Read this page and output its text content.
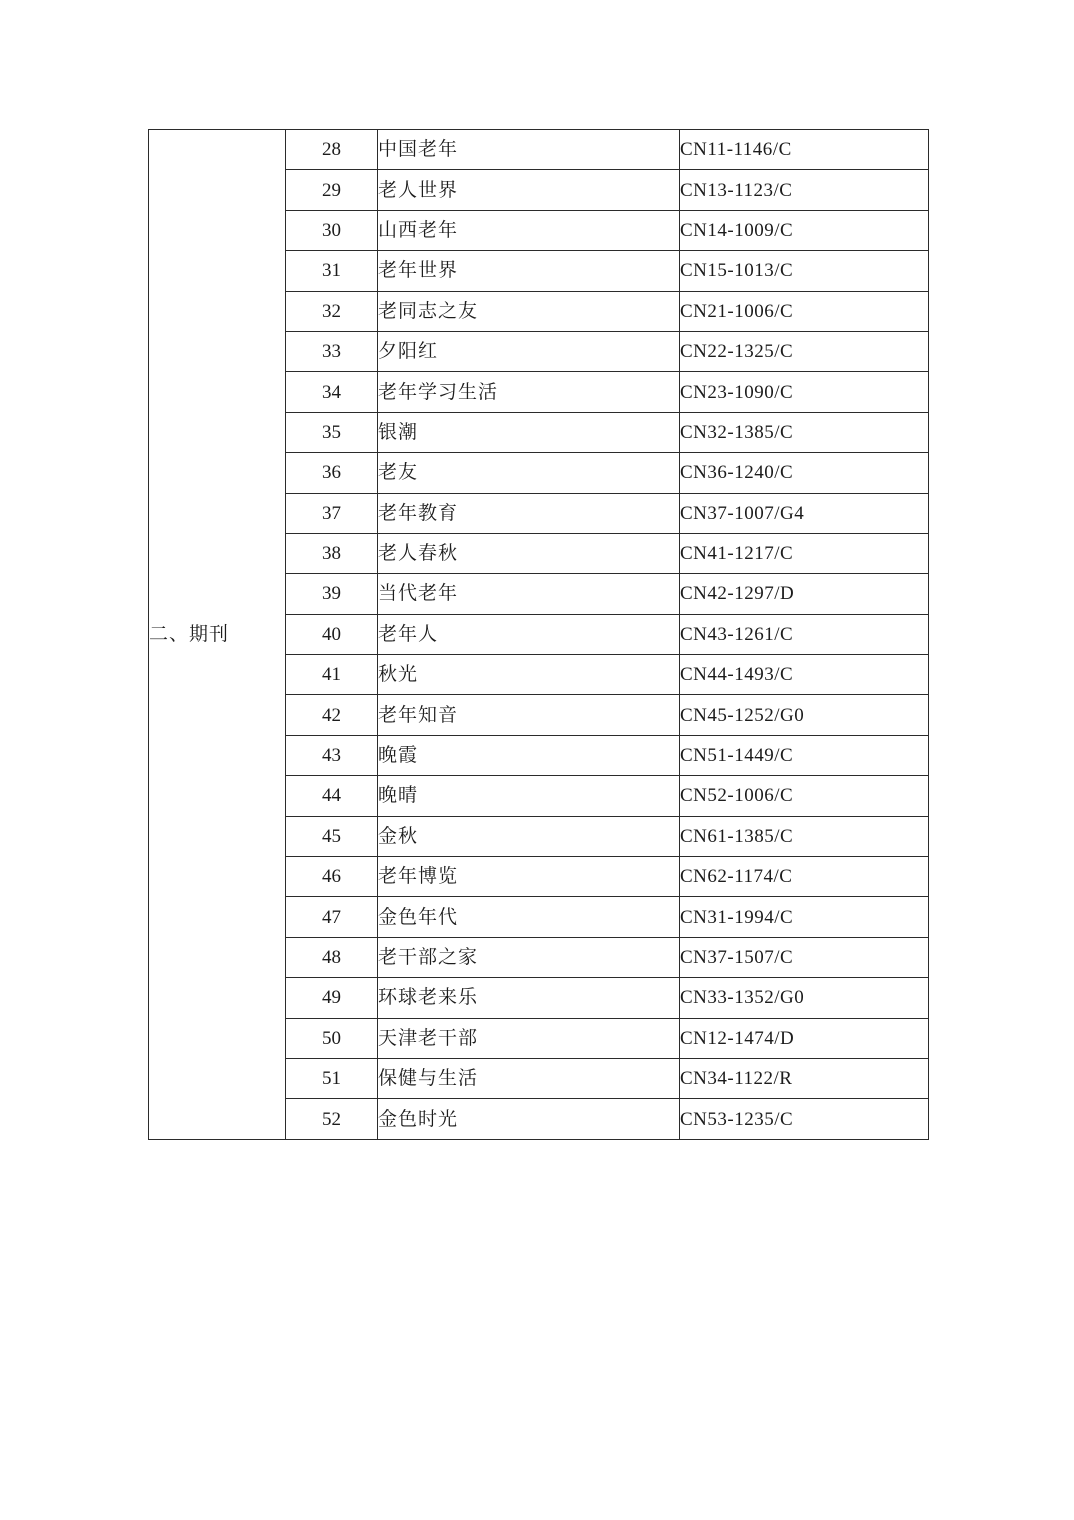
二、期刊	28	中国老年	CN11-1146/C
	29	老人世界	CN13-1123/C
	30	山西老年	CN14-1009/C
	31	老年世界	CN15-1013/C
	32	老同志之友	CN21-1006/C
	33	夕阳红	CN22-1325/C
	34	老年学习生活	CN23-1090/C
	35	银潮	CN32-1385/C
	36	老友	CN36-1240/C
	37	老年教育	CN37-1007/G4
	38	老人春秋	CN41-1217/C
	39	当代老年	CN42-1297/D
	40	老年人	CN43-1261/C
	41	秋光	CN44-1493/C
	42	老年知音	CN45-1252/G0
	43	晚霞	CN51-1449/C
	44	晚晴	CN52-1006/C
	45	金秋	CN61-1385/C
	46	老年博览	CN62-1174/C
	47	金色年代	CN31-1994/C
	48	老干部之家	CN37-1507/C
	49	环球老来乐	CN33-1352/G0
	50	天津老干部	CN12-1474/D
	51	保健与生活	CN34-1122/R
	52	金色时光	CN53-1235/C
